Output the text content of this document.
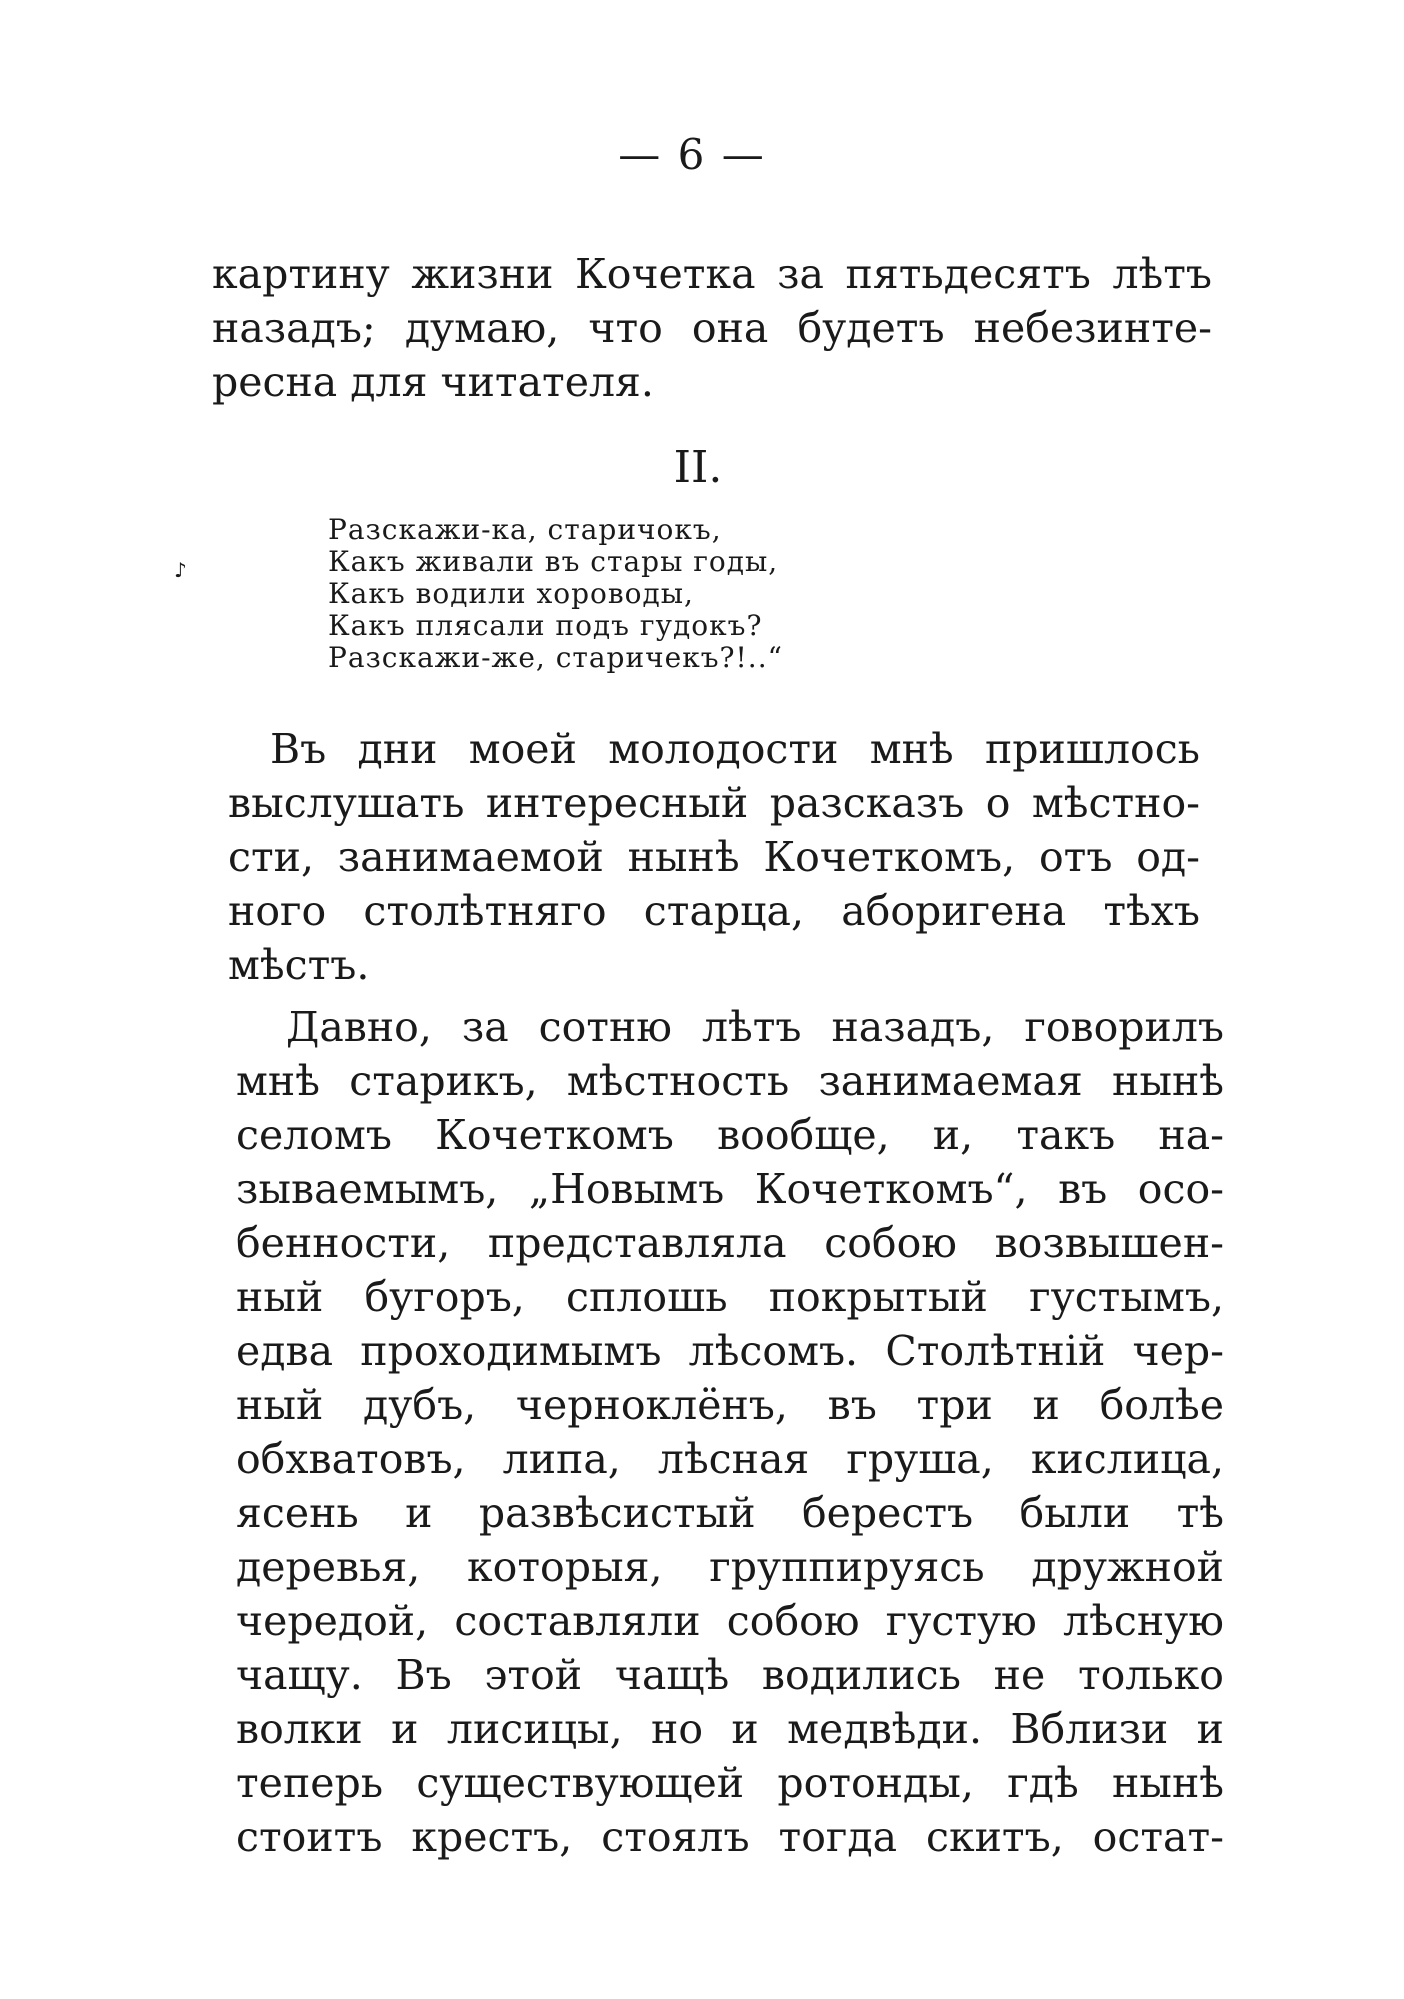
— 6 —
картину жизни Кочетка за пятьдесятъ лѣтъ
назадъ; думаю, что она будетъ небезинте-
ресна для читателя.
II.
♪
Разскажи-ка, старичокъ,
Какъ живали въ стары годы,
Какъ водили хороводы,
Какъ плясали подъ гудокъ?
Разскажи-же, старичекъ?!..“
Въ дни моей молодости мнѣ пришлось
выслушать интересный разсказъ о мѣстно-
сти, занимаемой нынѣ Кочеткомъ, отъ од-
ного столѣтняго старца, аборигена тѣхъ
мѣстъ.
Давно, за сотню лѣтъ назадъ, говорилъ
мнѣ старикъ, мѣстность занимаемая нынѣ
селомъ Кочеткомъ вообще, и, такъ на-
зываемымъ, „Новымъ Кочеткомъ“, въ осо-
бенности, представляла собою возвышен-
ный бугоръ, сплошь покрытый густымъ,
едва проходимымъ лѣсомъ. Столѣтній чер-
ный дубъ, черноклёнъ, въ три и болѣе
обхватовъ, липа, лѣсная груша, кислица,
ясень и развѣсистый берестъ были тѣ
деревья, которыя, группируясь дружной
чередой, составляли собою густую лѣсную
чащу. Въ этой чащѣ водились не только
волки и лисицы, но и медвѣди. Вблизи и
теперь существующей ротонды, гдѣ нынѣ
стоитъ крестъ, стоялъ тогда скитъ, остат-
